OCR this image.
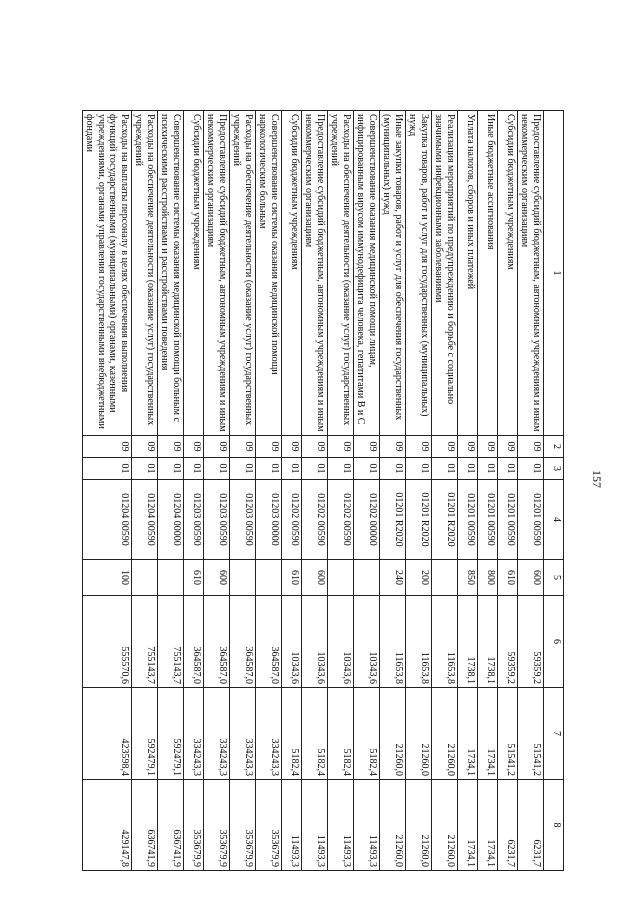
157
1	2	3	4	5	6	7	8
Предоставление субсидий бюджетным, автономным учреждениям и иным некоммерческим организациям	09	01	01201 00590	600	59359,2	51541,2	6231,7
Субсидии бюджетным учреждениям	09	01	01201 00590	610	59359,2	51541,2	6231,7
Иные бюджетные ассигнования	09	01	01201 00590	800	1738,1	1734,1	1734,1
Уплата налогов, сборов и иных платежей	09	01	01201 00590	850	1738,1	1734,1	1734,1
Реализация мероприятий по предупреждению и борьбе с социально значимыми инфекционными заболеваниями	09	01	01201 R2020		11653,8	21260,0	21260,0
Закупка товаров, работ и услуг для государственных (муниципальных) нужд	09	01	01201 R2020	200	11653,8	21260,0	21260,0
Иные закупки товаров, работ и услуг для обеспечения государственных (муниципальных) нужд	09	01	01201 R2020	240	11653,8	21260,0	21260,0
Совершенствование оказания медицинской помощи лицам, инфицированным вирусом иммунодефицита человека, гепатитами В и С	09	01	01202 00000		10343,6	5182,4	11493,3
Расходы на обеспечение деятельности (оказание услуг) государственных учреждений	09	01	01202 00590		10343,6	5182,4	11493,3
Предоставление субсидий бюджетным, автономным учреждениям и иным некоммерческим организациям	09	01	01202 00590	600	10343,6	5182,4	11493,3
Субсидии бюджетным учреждениям	09	01	01202 00590	610	10343,6	5182,4	11493,3
Совершенствование системы оказания медицинской помощи наркологическим больным	09	01	01203 00000		364587,0	334243,3	353679,9
Расходы на обеспечение деятельности (оказание услуг) государственных учреждений	09	01	01203 00590		364587,0	334243,3	353679,9
Предоставление субсидий бюджетным, автономным учреждениям и иным некоммерческим организациям	09	01	01203 00590	600	364587,0	334243,3	353679,9
Субсидии бюджетным учреждениям	09	01	01203 00590	610	364587,0	334243,3	353679,9
Совершенствование системы оказания медицинской помощи больным с психическими расстройствами и расстройствами поведения	09	01	01204 00000		755143,7	592479,1	636741,9
Расходы на обеспечение деятельности (оказание услуг) государственных учреждений	09	01	01204 00590		755143,7	592479,1	636741,9
Расходы на выплаты персоналу в целях обеспечения выполнения функций государственными (муниципальными) органами, казенными учреждениями, органами управления государственными внебюджетными фондами	09	01	01204 00590	100	555570,6	423598,4	429147,8
